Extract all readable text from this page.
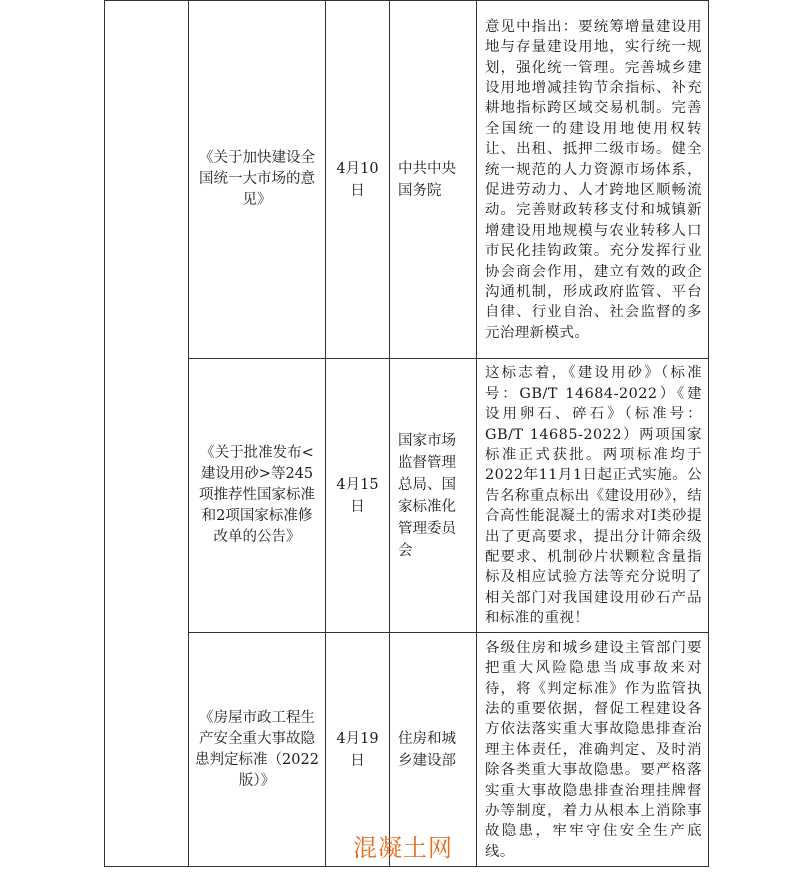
	《关于加快建设全国统一大市场的意见》	4月10日	中共中央国务院	意见中指出：要统筹增量建设用地与存量建设用地，实行统一规划，强化统一管理。完善城乡建设用地增减挂钩节余指标、补充耕地指标跨区域交易机制。完善全国统一的建设用地使用权转让、出租、抵押二级市场。健全统一规范的人力资源市场体系，促进劳动力、人才跨地区顺畅流动。完善财政转移支付和城镇新增建设用地规模与农业转移人口市民化挂钩政策。充分发挥行业协会商会作用，建立有效的政企沟通机制，形成政府监管、平台自律、行业自治、社会监督的多元治理新模式。

	《关于批准发布<建设用砂>等245项推荐性国家标准和2项国家标准修改单的公告》	4月15日	国家市场监督管理总局、国家标准化管理委员会	这标志着，《建设用砂》（标准号：GB/T 14684-2022）《建设用卵石、碎石》（标准号：GB/T 14685-2022）两项国家标准正式获批。两项标准均于2022年11月1日起正式实施。公告名称重点标出《建设用砂》，结合高性能混凝土的需求对Ⅰ类砂提出了更高要求，提出分计筛余级配要求、机制砂片状颗粒含量指标及相应试验方法等充分说明了相关部门对我国建设用砂石产品和标准的重视！

	《房屋市政工程生产安全重大事故隐患判定标准（2022版）》	4月19日	住房和城乡建设部	各级住房和城乡建设主管部门要把重大风险隐患当成事故来对待，将《判定标准》作为监管执法的重要依据，督促工程建设各方依法落实重大事故隐患排查治理主体责任，准确判定、及时消除各类重大事故隐患。要严格落实重大事故隐患排查治理挂牌督办等制度，着力从根本上消除事故隐患，牢牢守住安全生产底线。
混凝土网
